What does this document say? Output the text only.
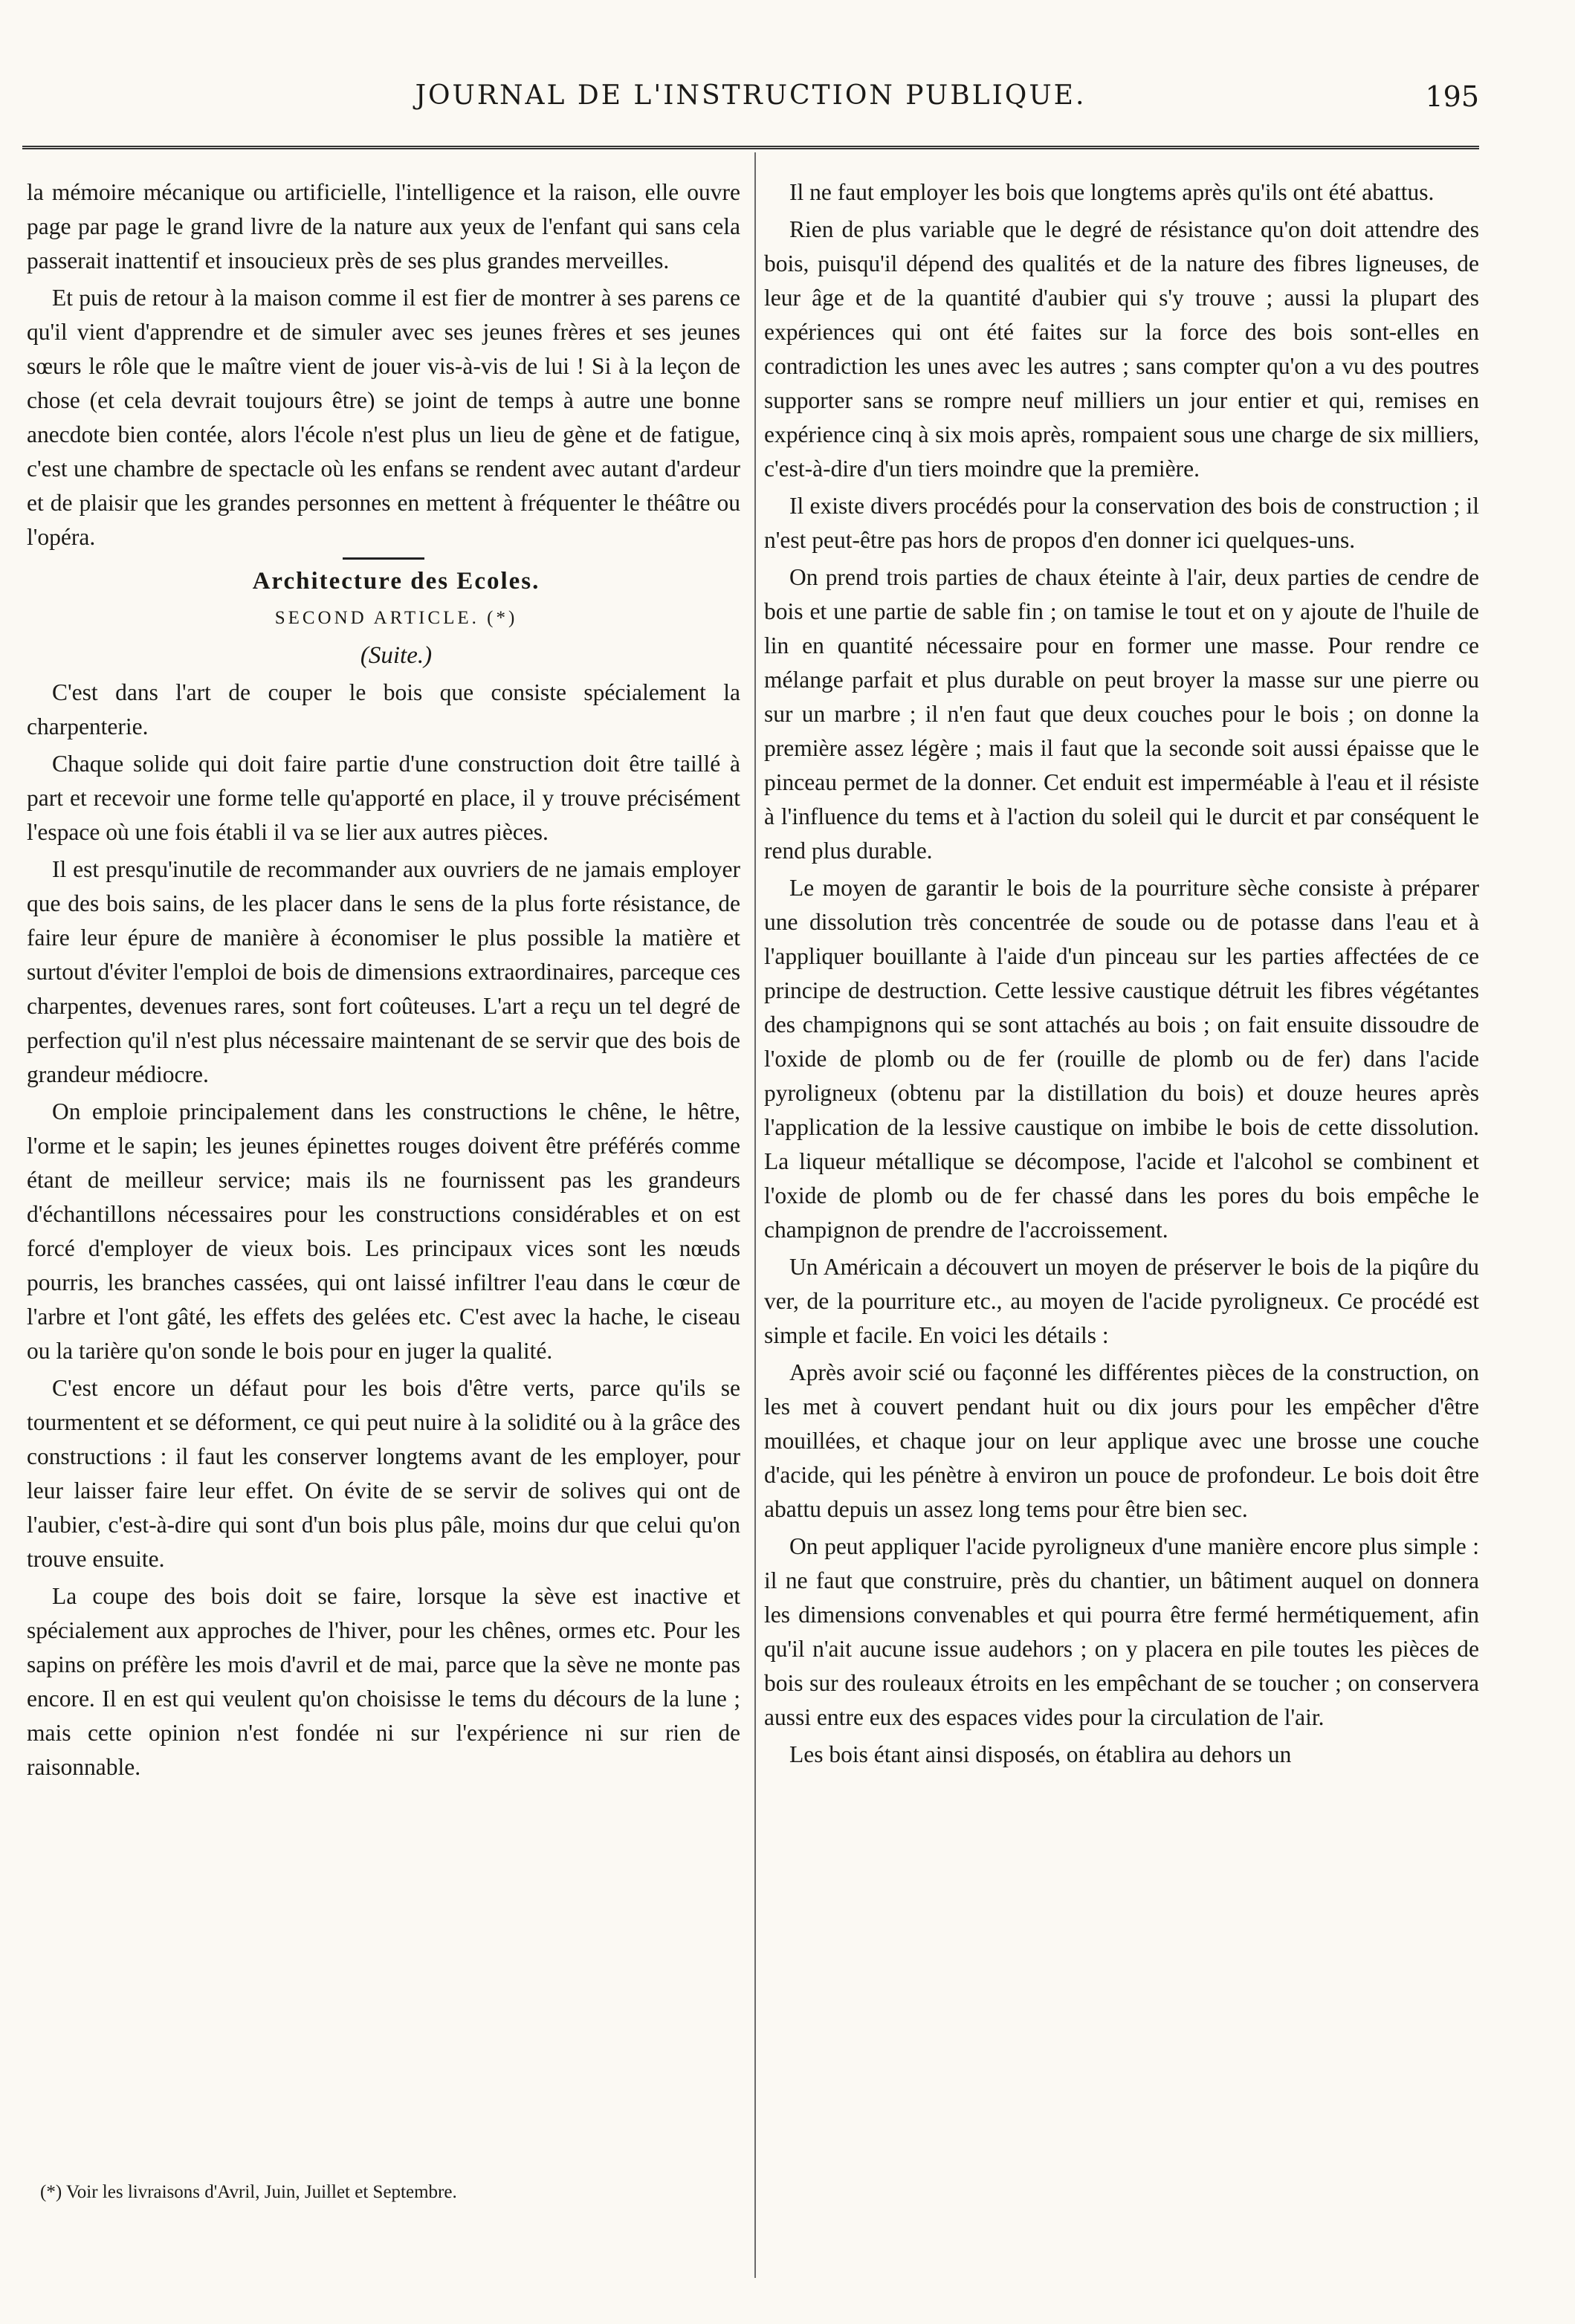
JOURNAL DE L'INSTRUCTION PUBLIQUE.	195

la mémoire mécanique ou artificielle, l'intelligence et la raison, elle ouvre page par page le grand livre de la nature aux yeux de l'enfant qui sans cela passerait inattentif et insoucieux près de ses plus grandes merveilles.

Et puis de retour à la maison comme il est fier de montrer à ses parens ce qu'il vient d'apprendre et de simuler avec ses jeunes frères et ses jeunes sœurs le rôle que le maître vient de jouer vis-à-vis de lui ! Si à la leçon de chose (et cela devrait toujours être) se joint de temps à autre une bonne anecdote bien contée, alors l'école n'est plus un lieu de gène et de fatigue, c'est une chambre de spectacle où les enfans se rendent avec autant d'ardeur et de plaisir que les grandes personnes en mettent à fréquenter le théâtre ou l'opéra.

Architecture des Ecoles.

SECOND ARTICLE. (*)

(Suite.)

C'est dans l'art de couper le bois que consiste spécialement la charpenterie.

Chaque solide qui doit faire partie d'une construction doit être taillé à part et recevoir une forme telle qu'apporté en place, il y trouve précisément l'espace où une fois établi il va se lier aux autres pièces.

Il est presqu'inutile de recommander aux ouvriers de ne jamais employer que des bois sains, de les placer dans le sens de la plus forte résistance, de faire leur épure de manière à économiser le plus possible la matière et surtout d'éviter l'emploi de bois de dimensions extraordinaires, parceque ces charpentes, devenues rares, sont fort coûteuses. L'art a reçu un tel degré de perfection qu'il n'est plus nécessaire maintenant de se servir que des bois de grandeur médiocre.

On emploie principalement dans les constructions le chêne, le hêtre, l'orme et le sapin; les jeunes épinettes rouges doivent être préférés comme étant de meilleur service; mais ils ne fournissent pas les grandeurs d'échantillons nécessaires pour les constructions considérables et on est forcé d'employer de vieux bois. Les principaux vices sont les nœuds pourris, les branches cassées, qui ont laissé infiltrer l'eau dans le cœur de l'arbre et l'ont gâté, les effets des gelées etc. C'est avec la hache, le ciseau ou la tarière qu'on sonde le bois pour en juger la qualité.

C'est encore un défaut pour les bois d'être verts, parce qu'ils se tourmentent et se déforment, ce qui peut nuire à la solidité ou à la grâce des constructions : il faut les conserver longtems avant de les employer, pour leur laisser faire leur effet. On évite de se servir de solives qui ont de l'aubier, c'est-à-dire qui sont d'un bois plus pâle, moins dur que celui qu'on trouve ensuite.

La coupe des bois doit se faire, lorsque la sève est inactive et spécialement aux approches de l'hiver, pour les chênes, ormes etc. Pour les sapins on préfère les mois d'avril et de mai, parce que la sève ne monte pas encore. Il en est qui veulent qu'on choisisse le tems du décours de la lune ; mais cette opinion n'est fondée ni sur l'expérience ni sur rien de raisonnable.

(*) Voir les livraisons d'Avril, Juin, Juillet et Septembre.

Il ne faut employer les bois que longtems après qu'ils ont été abattus.

Rien de plus variable que le degré de résistance qu'on doit attendre des bois, puisqu'il dépend des qualités et de la nature des fibres ligneuses, de leur âge et de la quantité d'aubier qui s'y trouve ; aussi la plupart des expériences qui ont été faites sur la force des bois sont-elles en contradiction les unes avec les autres ; sans compter qu'on a vu des poutres supporter sans se rompre neuf milliers un jour entier et qui, remises en expérience cinq à six mois après, rompaient sous une charge de six milliers, c'est-à-dire d'un tiers moindre que la première.

Il existe divers procédés pour la conservation des bois de construction ; il n'est peut-être pas hors de propos d'en donner ici quelques-uns.

On prend trois parties de chaux éteinte à l'air, deux parties de cendre de bois et une partie de sable fin ; on tamise le tout et on y ajoute de l'huile de lin en quantité nécessaire pour en former une masse. Pour rendre ce mélange parfait et plus durable on peut broyer la masse sur une pierre ou sur un marbre ; il n'en faut que deux couches pour le bois ; on donne la première assez légère ; mais il faut que la seconde soit aussi épaisse que le pinceau permet de la donner. Cet enduit est imperméable à l'eau et il résiste à l'influence du tems et à l'action du soleil qui le durcit et par conséquent le rend plus durable.

Le moyen de garantir le bois de la pourriture sèche consiste à préparer une dissolution très concentrée de soude ou de potasse dans l'eau et à l'appliquer bouillante à l'aide d'un pinceau sur les parties affectées de ce principe de destruction. Cette lessive caustique détruit les fibres végétantes des champignons qui se sont attachés au bois ; on fait ensuite dissoudre de l'oxide de plomb ou de fer (rouille de plomb ou de fer) dans l'acide pyroligneux (obtenu par la distillation du bois) et douze heures après l'application de la lessive caustique on imbibe le bois de cette dissolution. La liqueur métallique se décompose, l'acide et l'alcohol se combinent et l'oxide de plomb ou de fer chassé dans les pores du bois empêche le champignon de prendre de l'accroissement.

Un Américain a découvert un moyen de préserver le bois de la piqûre du ver, de la pourriture etc., au moyen de l'acide pyroligneux. Ce procédé est simple et facile. En voici les détails :

Après avoir scié ou façonné les différentes pièces de la construction, on les met à couvert pendant huit ou dix jours pour les empêcher d'être mouillées, et chaque jour on leur applique avec une brosse une couche d'acide, qui les pénètre à environ un pouce de profondeur. Le bois doit être abattu depuis un assez long tems pour être bien sec.

On peut appliquer l'acide pyroligneux d'une manière encore plus simple : il ne faut que construire, près du chantier, un bâtiment auquel on donnera les dimensions convenables et qui pourra être fermé hermétiquement, afin qu'il n'ait aucune issue audehors ; on y placera en pile toutes les pièces de bois sur des rouleaux étroits en les empêchant de se toucher ; on conservera aussi entre eux des espaces vides pour la circulation de l'air.

Les bois étant ainsi disposés, on établira au dehors un
